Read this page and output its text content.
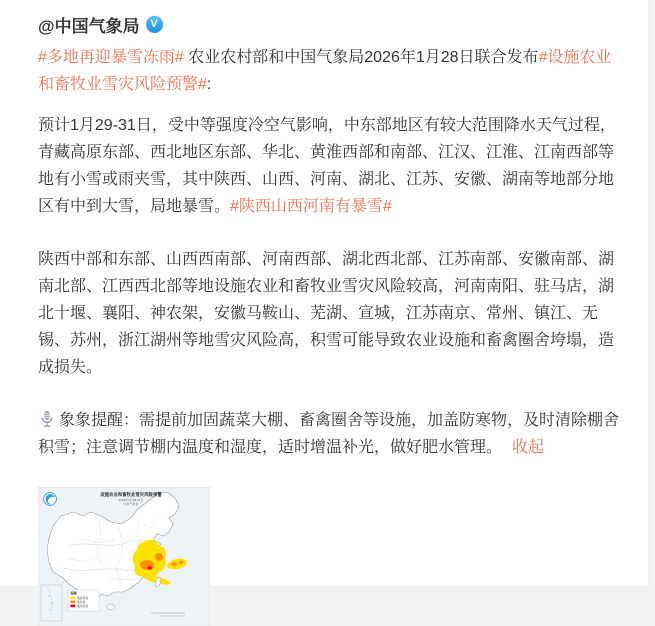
@中国气象局 V

#多地再迎暴雪冻雨# 农业农村部和中国气象局2026年1月28日联合发布#设施农业和畜牧业雪灾风险预警#:

预计1月29-31日，受中等强度冷空气影响，中东部地区有较大范围降水天气过程，青藏高原东部、西北地区东部、华北、黄淮西部和南部、江汉、江淮、江南西部等地有小雪或雨夹雪，其中陕西、山西、河南、湖北、江苏、安徽、湖南等地部分地区有中到大雪，局地暴雪。#陕西山西河南有暴雪#

陕西中部和东部、山西西南部、河南西部、湖北西北部、江苏南部、安徽南部、湖南北部、江西西北部等地设施农业和畜牧业雪灾风险较高，河南南阳、驻马店，湖北十堰、襄阳、神农架，安徽马鞍山、芜湖、宣城，江苏南京、常州、镇江、无锡、苏州，浙江湖州等地雪灾风险高，积雪可能导致农业设施和畜禽圈舍垮塌，造成损失。

象象提醒：需提前加固蔬菜大棚、畜禽圈舍等设施，加盖防寒物，及时清除棚舍积雪；注意调节棚内温度和湿度，适时增温补光，做好肥水管理。 收起

图例
风险较高
风险高
风险很高
设施农业和畜牧业雪灾风险预警
2026年1月29-31日
中央气象台
